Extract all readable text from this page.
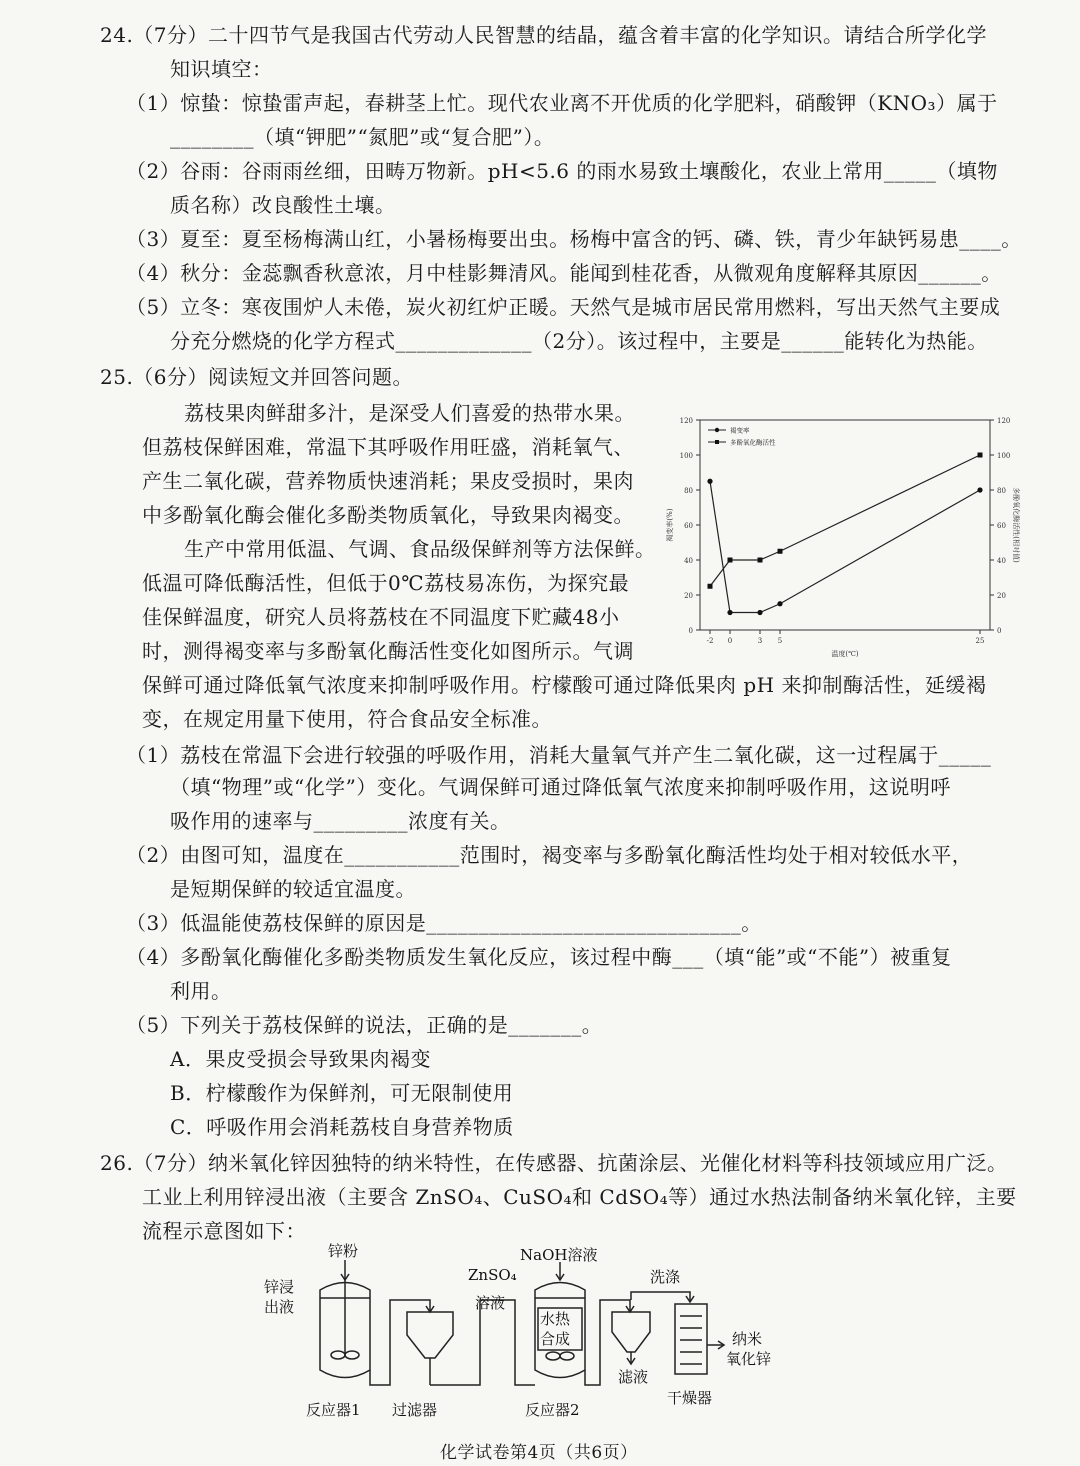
24.（7分）二十四节气是我国古代劳动人民智慧的结晶，蕴含着丰富的化学知识。请结合所学化学
知识填空：
（1）惊蛰：惊蛰雷声起，春耕茎上忙。现代农业离不开优质的化学肥料，硝酸钾（KNO₃）属于
________（填“钾肥”“氮肥”或“复合肥”）。
（2）谷雨：谷雨雨丝细，田畴万物新。pH<5.6 的雨水易致土壤酸化，农业上常用_____（填物
质名称）改良酸性土壤。
（3）夏至：夏至杨梅满山红，小暑杨梅要出虫。杨梅中富含的钙、磷、铁，青少年缺钙易患____。
（4）秋分：金蕊飘香秋意浓，月中桂影舞清风。能闻到桂花香，从微观角度解释其原因______。
（5）立冬：寒夜围炉人未倦，炭火初红炉正暖。天然气是城市居民常用燃料，写出天然气主要成
分充分燃烧的化学方程式_____________（2分）。该过程中，主要是______能转化为热能。
25.（6分）阅读短文并回答问题。
荔枝果肉鲜甜多汁，是深受人们喜爱的热带水果。
但荔枝保鲜困难，常温下其呼吸作用旺盛，消耗氧气、
产生二氧化碳，营养物质快速消耗；果皮受损时，果肉
中多酚氧化酶会催化多酚类物质氧化，导致果肉褐变。
生产中常用低温、气调、食品级保鲜剂等方法保鲜。
低温可降低酶活性，但低于0℃荔枝易冻伤，为探究最
佳保鲜温度，研究人员将荔枝在不同温度下贮藏48小
时，测得褐变率与多酚氧化酶活性变化如图所示。气调
保鲜可通过降低氧气浓度来抑制呼吸作用。柠檬酸可通过降低果肉 pH 来抑制酶活性，延缓褐
变，在规定用量下使用，符合食品安全标准。
0	0
20	20
40	40
60	60
80	80
100	100
120	120
-2 0	3 5	25
温度(℃)
褐变率(%)	多酚氧化酶活性(相对值)
褐变率
多酚氧化酶活性
（1）荔枝在常温下会进行较强的呼吸作用，消耗大量氧气并产生二氧化碳，这一过程属于_____
（填“物理”或“化学”）变化。气调保鲜可通过降低氧气浓度来抑制呼吸作用，这说明呼
吸作用的速率与_________浓度有关。
（2）由图可知，温度在___________范围时，褐变率与多酚氧化酶活性均处于相对较低水平，
是短期保鲜的较适宜温度。
（3）低温能使荔枝保鲜的原因是______________________________。
（4）多酚氧化酶催化多酚类物质发生氧化反应，该过程中酶___（填“能”或“不能”）被重复
利用。
（5）下列关于荔枝保鲜的说法，正确的是_______。
A．果皮受损会导致果肉褐变
B．柠檬酸作为保鲜剂，可无限制使用
C．呼吸作用会消耗荔枝自身营养物质
26.（7分）纳米氧化锌因独特的纳米特性，在传感器、抗菌涂层、光催化材料等科技领域应用广泛。
工业上利用锌浸出液（主要含 ZnSO₄、CuSO₄和 CdSO₄等）通过水热法制备纳米氧化锌，主要
流程示意图如下：
锌粉
锌浸
出液
ZnSO₄
溶液
NaOH溶液
水热
合成
洗涤
滤液
纳米
氧化锌
反应器1 过滤器	反应器2
干燥器
化学试卷第4页（共6页）
